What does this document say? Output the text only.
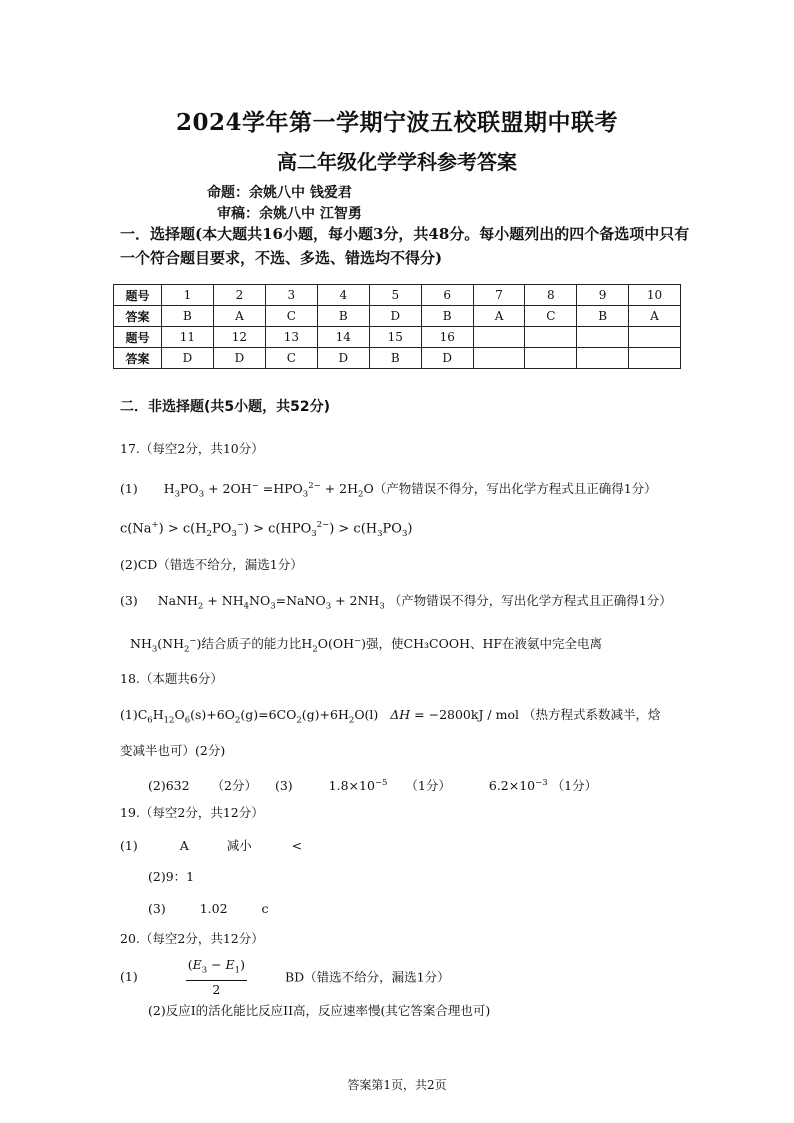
2024学年第一学期宁波五校联盟期中联考
高二年级化学学科参考答案
命题：余姚八中 钱爱君
审稿：余姚八中 江智勇
一．选择题(本大题共16小题，每小题3分，共48分。每小题列出的四个备选项中只有一个符合题目要求，不选、多选、错选均不得分)
题号	1	2	3	4	5	6	7	8	9	10
答案	B	A	C	B	D	B	A	C	B	A
题号	11	12	13	14	15	16				
答案	D	D	C	D	B	D				
二．非选择题(共5小题，共52分)
17.（每空2分，共10分）
(1) $H_3PO_3 + 2OH^- =HPO_3^{2-} + 2H_2O$（产物错误不得分，写出化学方程式且正确得1分）
$c(Na^+) > c(H_2PO_3^-) > c(HPO_3^{2-}) > c(H_3PO_3)$
(2)CD（错选不给分，漏选1分）
(3) NaNH$_2$ + $NH_4NO_3=NaNO_3 + 2NH_3$ （产物错误不得分，写出化学方程式且正确得1分）
$NH_3(NH_2^-)$结合质子的能力比$H_2O(OH^-)$强，使CH₃COOH、HF在液氨中完全电离
18.（本题共6分）
$(1)C_6H_{12}O_6(s)+6O_2(g)=6CO_2(g)+6H_2O(l) \Delta H = -2800kJ$ / mol （热方程式系数减半，焓
变减半也可）(2分)
(2)632 （2分） (3)	$1.8\times 10^{-5}$ （1分）	$6.2\times 10^{-3}$ （1分）
19.（每空2分，共12分）
(1)	A	减小	<
(2)9：1
(3)	1.02	c
20.（每空2分，共12分）
(1)	$\frac{(E_3 - E_1)}{2}$	BD（错选不给分，漏选1分）
(2)反应I的活化能比反应II高，反应速率慢(其它答案合理也可)
答案第1页，共2页
